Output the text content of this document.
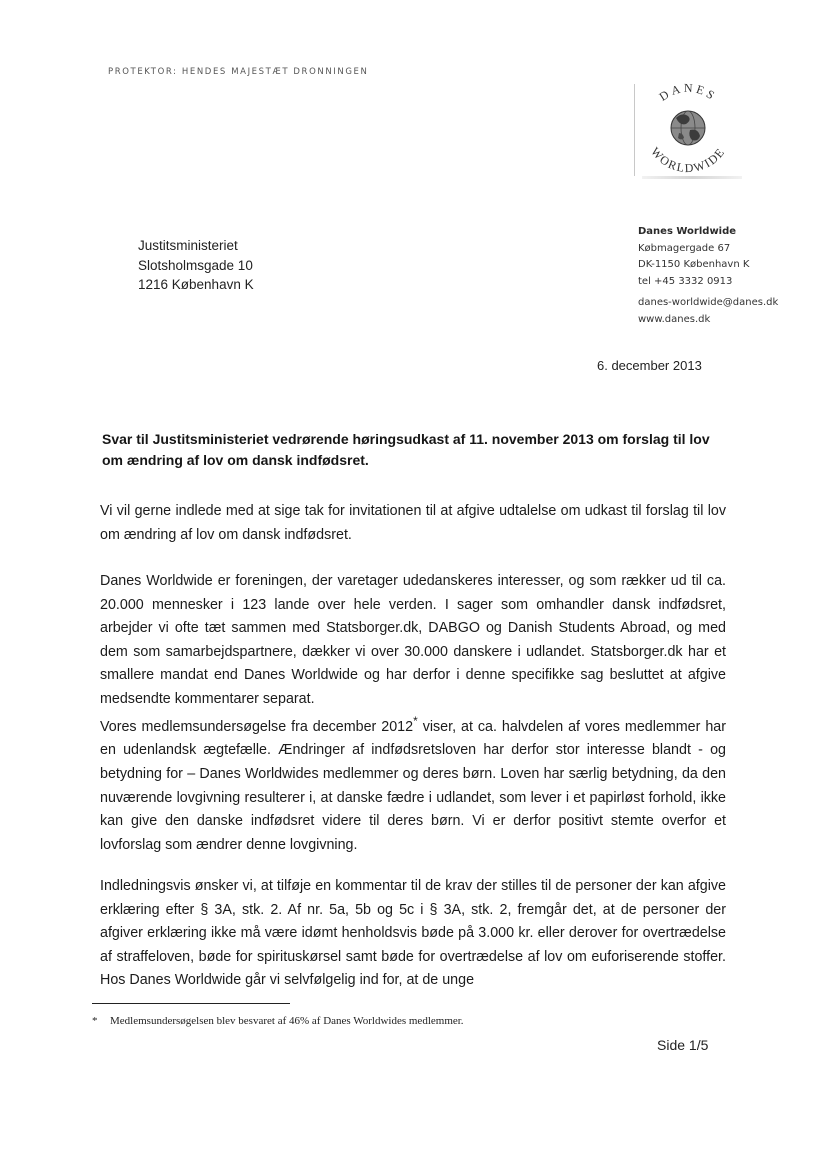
PROTEKTOR: HENDES MAJESTÆT DRONNINGEN
DANES
WORLDWIDE
Justitsministeriet
Slotsholmsgade 10
1216 København K
Danes Worldwide
Købmagergade 67
DK-1150 København K
tel +45 3332 0913
danes-worldwide@danes.dk
www.danes.dk
6. december 2013
Svar til Justitsministeriet vedrørende høringsudkast af 11. november 2013 om forslag til lov om ændring af lov om dansk indfødsret.
Vi vil gerne indlede med at sige tak for invitationen til at afgive udtalelse om udkast til forslag til lov om ændring af lov om dansk indfødsret.
Danes Worldwide er foreningen, der varetager udedanskeres interesser, og som rækker ud til ca. 20.000 mennesker i 123 lande over hele verden. I sager som omhandler dansk indfødsret, arbejder vi ofte tæt sammen med Statsborger.dk, DABGO og Danish Students Abroad, og med dem som samarbejdspartnere, dækker vi over 30.000 danskere i udlandet. Statsborger.dk har et smallere mandat end Danes Worldwide og har derfor i denne specifikke sag besluttet at afgive medsendte kommentarer separat.
Vores medlemsundersøgelse fra december 2012* viser, at ca. halvdelen af vores medlemmer har en udenlandsk ægtefælle. Ændringer af indfødsretsloven har derfor stor interesse blandt - og betydning for – Danes Worldwides medlemmer og deres børn. Loven har særlig betydning, da den nuværende lovgivning resulterer i, at danske fædre i udlandet, som lever i et papirløst forhold, ikke kan give den danske indfødsret videre til deres børn. Vi er derfor positivt stemte overfor et lovforslag som ændrer denne lovgivning.
Indledningsvis ønsker vi, at tilføje en kommentar til de krav der stilles til de personer der kan afgive erklæring efter § 3A, stk. 2. Af nr. 5a, 5b og 5c i § 3A, stk. 2, fremgår det, at de personer der afgiver erklæring ikke må være idømt henholdsvis bøde på 3.000 kr. eller derover for overtrædelse af straffeloven, bøde for spirituskørsel samt bøde for overtrædelse af lov om euforiserende stoffer. Hos Danes Worldwide går vi selvfølgelig ind for, at de unge
* Medlemsundersøgelsen blev besvaret af 46% af Danes Worldwides medlemmer.
Side 1/5
